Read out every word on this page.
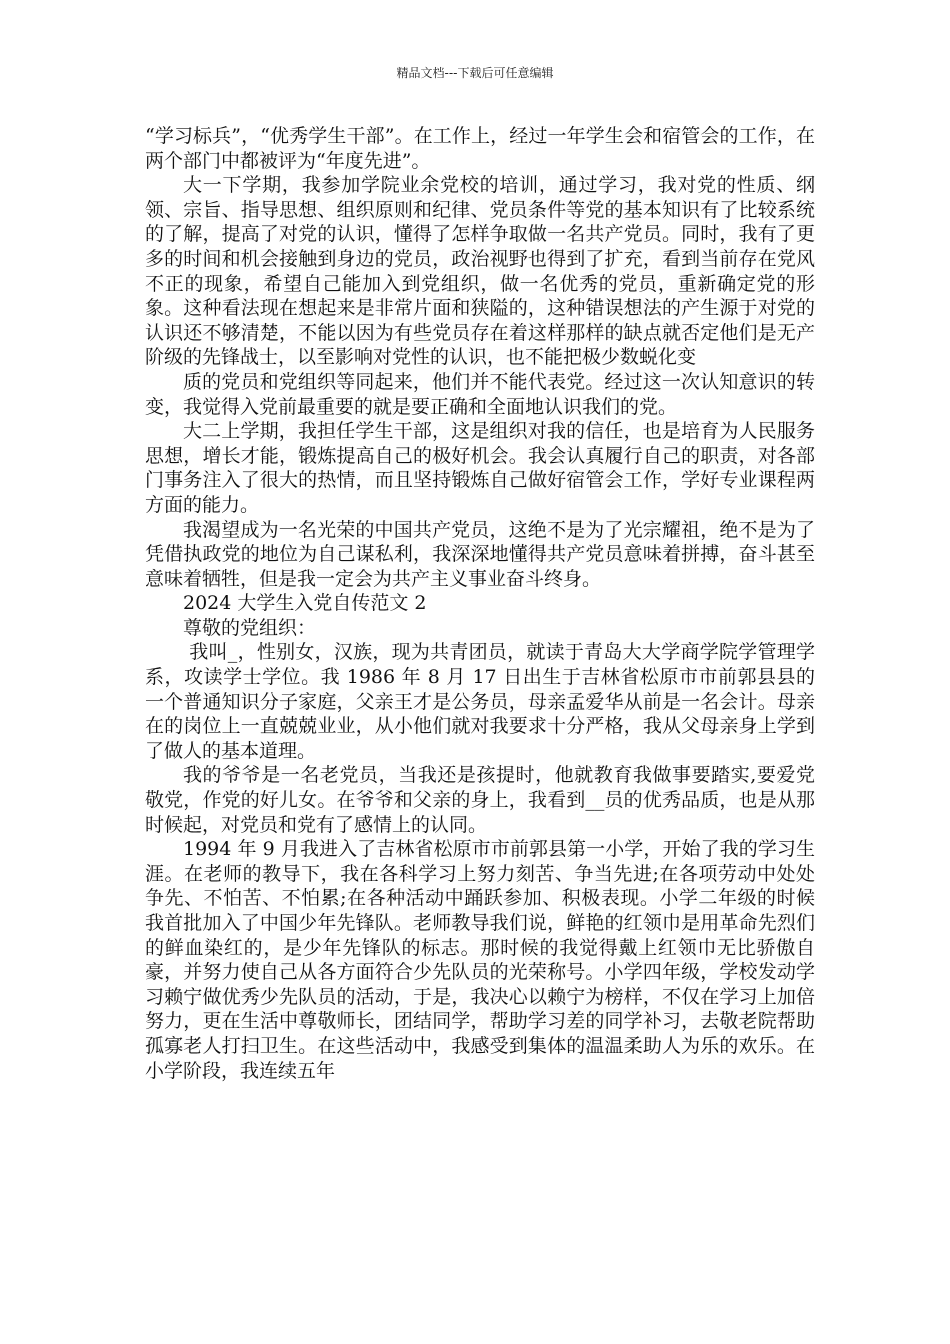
精品文档---下载后可任意编辑

“学习标兵”，“优秀学生干部”。在工作上，经过一年学生会和宿管会的工作，在两个部门中都被评为“年度先进”。

大一下学期，我参加学院业余党校的培训，通过学习，我对党的性质、纲领、宗旨、指导思想、组织原则和纪律、党员条件等党的基本知识有了比较系统的了解，提高了对党的认识，懂得了怎样争取做一名共产党员。同时，我有了更多的时间和机会接触到身边的党员，政治视野也得到了扩充，看到当前存在党风不正的现象，希望自己能加入到党组织，做一名优秀的党员，重新确定党的形象。这种看法现在想起来是非常片面和狭隘的，这种错误想法的产生源于对党的认识还不够清楚，不能以因为有些党员存在着这样那样的缺点就否定他们是无产阶级的先锋战士，以至影响对党性的认识，也不能把极少数蜕化变

质的党员和党组织等同起来，他们并不能代表党。经过这一次认知意识的转变，我觉得入党前最重要的就是要正确和全面地认识我们的党。

大二上学期，我担任学生干部，这是组织对我的信任，也是培育为人民服务思想，增长才能，锻炼提高自己的极好机会。我会认真履行自己的职责，对各部门事务注入了很大的热情，而且坚持锻炼自己做好宿管会工作，学好专业课程两方面的能力。

我渴望成为一名光荣的中国共产党员，这绝不是为了光宗耀祖，绝不是为了凭借执政党的地位为自己谋私利，我深深地懂得共产党员意味着拼搏，奋斗甚至意味着牺牲，但是我一定会为共产主义事业奋斗终身。

2024 大学生入党自传范文 2

尊敬的党组织：

我叫_，性别女，汉族，现为共青团员，就读于青岛大大学商学院学管理学系，攻读学士学位。我 1986 年 8 月 17 日出生于吉林省松原市市前郭县县的一个普通知识分子家庭，父亲王才是公务员，母亲孟爱华从前是一名会计。母亲在的岗位上一直兢兢业业，从小他们就对我要求十分严格，我从父母亲身上学到了做人的基本道理。

我的爷爷是一名老党员，当我还是孩提时，他就教育我做事要踏实,要爱党敬党，作党的好儿女。在爷爷和父亲的身上，我看到__员的优秀品质，也是从那时候起，对党员和党有了感情上的认同。

1994 年 9 月我进入了吉林省松原市市前郭县第一小学，开始了我的学习生涯。在老师的教导下，我在各科学习上努力刻苦、争当先进;在各项劳动中处处争先、不怕苦、不怕累;在各种活动中踊跃参加、积极表现。小学二年级的时候我首批加入了中国少年先锋队。老师教导我们说，鲜艳的红领巾是用革命先烈们的鲜血染红的，是少年先锋队的标志。那时候的我觉得戴上红领巾无比骄傲自豪，并努力使自己从各方面符合少先队员的光荣称号。小学四年级，学校发动学习赖宁做优秀少先队员的活动，于是，我决心以赖宁为榜样，不仅在学习上加倍努力，更在生活中尊敬师长，团结同学，帮助学习差的同学补习，去敬老院帮助孤寡老人打扫卫生。在这些活动中，我感受到集体的温温柔助人为乐的欢乐。在小学阶段，我连续五年
